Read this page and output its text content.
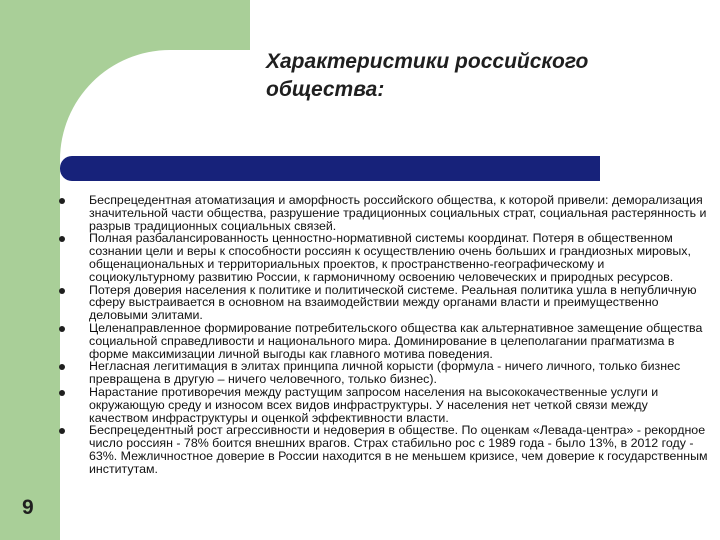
Характеристики российского
общества:
Беспрецедентная атоматизация и аморфность российского общества, к которой привели: деморализация значительной части общества, разрушение традиционных социальных страт, социальная растерянность и разрыв традиционных социальных связей.
Полная разбалансированность ценностно-нормативной системы координат. Потеря в общественном сознании цели и веры к способности россиян к осуществлению очень больших и грандиозных мировых, общенациональных и территориальных проектов, к пространственно-географическому и социокультурному развитию России, к гармоничному освоению человеческих и природных ресурсов.
Потеря доверия населения к политике и политической системе. Реальная политика ушла в непубличную сферу выстраивается в основном на взаимодействии между органами власти и преимущественно деловыми элитами.
Целенаправленное формирование потребительского общества как альтернативное замещение общества социальной справедливости и национального мира. Доминирование в целеполагании прагматизма в форме максимизации личной выгоды как главного мотива поведения.
Негласная легитимация в элитах принципа личной корысти (формула - ничего личного, только бизнес превращена в другую – ничего человечного, только бизнес).
Нарастание противоречия между растущим запросом населения на высококачественные услуги и окружающую среду и износом всех видов инфраструктуры. У населения нет четкой связи между качеством инфраструктуры и оценкой эффективности власти.
Беспрецедентный рост агрессивности и недоверия в обществе. По оценкам «Левада-центра» - рекордное число россиян - 78% боится внешних врагов. Страх стабильно рос с 1989 года - было 13%, в 2012 году - 63%. Межличностное доверие в России находится в не меньшем кризисе, чем доверие к государственным институтам.
9
